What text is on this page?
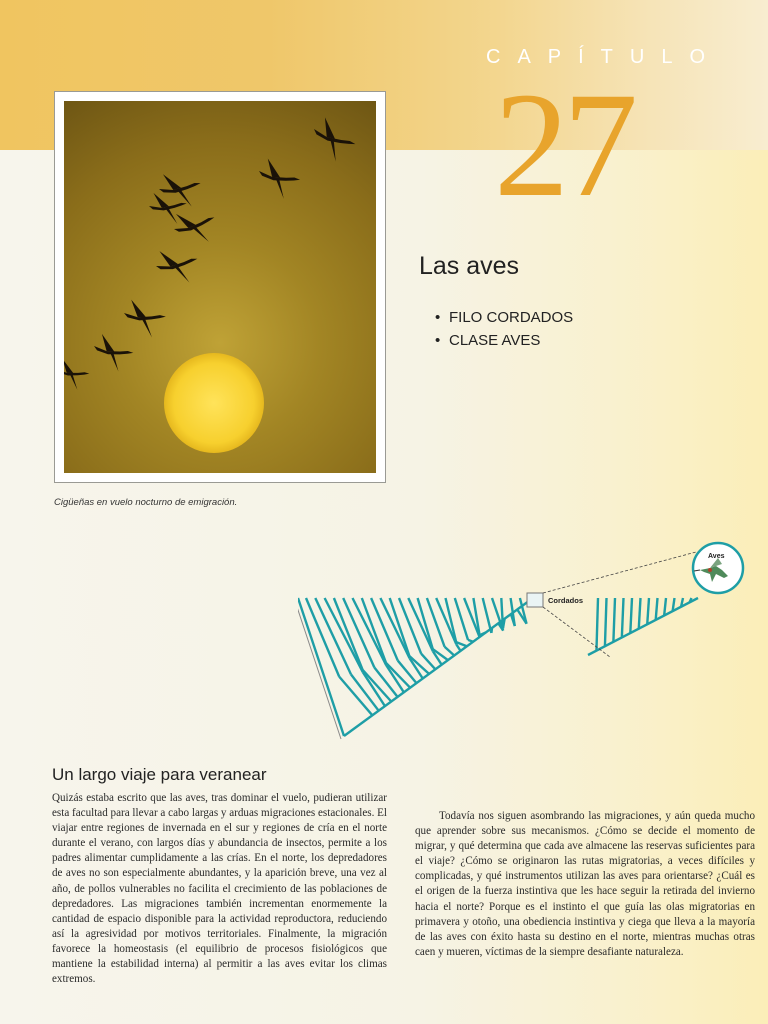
CAPÍTULO
27
Cigüeñas en vuelo nocturno de emigración.
Las aves
• FILO CORDADOS
• CLASE AVES
Cordados
Aves
Un largo viaje para veranear
Quizás estaba escrito que las aves, tras dominar el vuelo, pudieran utilizar esta facultad para llevar a cabo largas y arduas migraciones estacionales. El viajar entre regiones de invernada en el sur y regiones de cría en el norte durante el verano, con largos días y abundancia de insectos, permite a los padres alimentar cumplidamente a las crías. En el norte, los depredadores de aves no son especialmente abundantes, y la aparición breve, una vez al año, de pollos vulnerables no facilita el crecimiento de las poblaciones de depredadores. Las migraciones también incrementan enormemente la cantidad de espacio disponible para la actividad reproductora, reduciendo así la agresividad por motivos territoriales. Finalmente, la migración favorece la homeostasis (el equilibrio de procesos fisiológicos que mantiene la estabilidad interna) al permitir a las aves evitar los climas extremos.
Todavía nos siguen asombrando las migraciones, y aún queda mucho que aprender sobre sus mecanismos. ¿Cómo se decide el momento de migrar, y qué determina que cada ave almacene las reservas suficientes para el viaje? ¿Cómo se originaron las rutas migratorias, a veces difíciles y complicadas, y qué instrumentos utilizan las aves para orientarse? ¿Cuál es el origen de la fuerza instintiva que les hace seguir la retirada del invierno hacia el norte? Porque es el instinto el que guía las olas migratorias en primavera y otoño, una obediencia instintiva y ciega que lleva a la mayoría de las aves con éxito hasta su destino en el norte, mientras muchas otras caen y mueren, víctimas de la siempre desafiante naturaleza.
